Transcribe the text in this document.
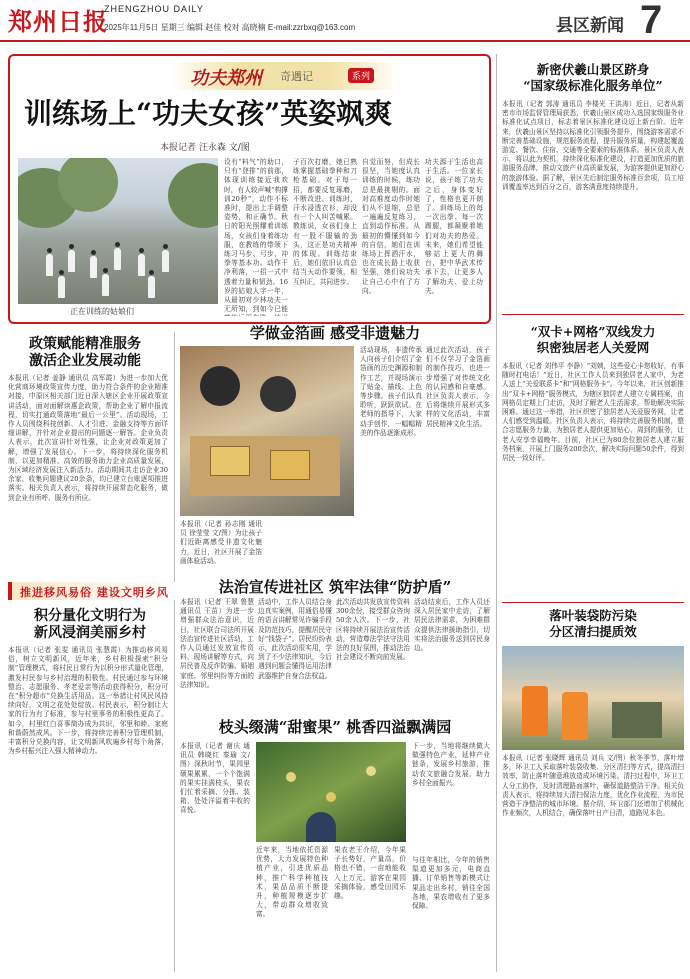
郑州日报
ZHENGZHOU DAILY
2025年11月5日 星期三 编辑 赵佳 校对 高晓楠 E-mail:zzrbxq@163.com	县区新闻 7
功夫郑州 奇遇记	系列
训练场上“功夫女孩”英姿飒爽
本报记者 汪永森 文/图
正在训练的姑娘们
设有“料气”的助口，只有“登排”的前那，体现训练接近我欢时，有人较声喊“构撑训20秒”，动作不标准时，提出上手调整姿势，和正确节。秋日的阳光照耀着训练场，女孩们身着练功服，在教练的带领下练习马步、弓步、冲拳等基本功。动作干净利落，一招一式中透着力量和韧劲。16岁的姑娘人字一年，从最初对少林功夫一无所知，到如今已能
子百次打磨，她已熟练掌握基础拳种和刀枪基础。对于每一招，都要反复琢磨，不断改进。训练时，汗水浸透衣衫，却没有一个人叫苦喊累。教练说，女孩们身上有一股不服输的劲头，这正是功夫精神的体现。训练结束后，她们依旧认真总结当天动作要领，相互纠正，共同进步。
自觉而努，但成长很坚，当她度认真训练的时候，练功总是最挑剔的。面对高难度动作时她们从不退缩，总是一遍遍反复练习，直到动作标准。从最初的懵懂到如今的自信，她们在训练场上挥洒汗水，也在成长路上收获坚强，她们说功夫让自己心中有了方向。
功夫源于生活也高于生活。一位家长说，孩子练了功夫之后，身体变好了，性格也更开朗了。训练场上的每一次出拳、每一次踢腿，都凝聚着她们对功夫的热爱。未来，她们希望能够站上更大的舞台，把中华武术传承下去，让更多人了解功夫、爱上功夫。
政策赋能精准服务
激活企业发展动能
本报讯（记者 姜静 通讯员 高军霞）为进一步加大优化营商环境政策宣传力度，助力符合条件的企业精准对接，中原区相关部门近日深入辖区企业开展政策宣讲活动，面对面解读惠企政策，帮助企业了解申报流程，切实打通政策落地“最后一公里”。活动现场，工作人员围绕科技创新、人才引进、金融支持等方面详细讲解，并针对企业提出的问题逐一解答。企业负责人表示，此次宣讲针对性强，让企业对政策更加了解，增强了发展信心。下一步，将持续深化服务机制，以更加精准、高效的服务助力企业高质量发展，为区域经济发展注入新活力。活动期间共走访企业30余家，收集问题建议20余条，均已建立台账逐项推进落实。相关负责人表示，将持续开展常态化服务，做到企业有所呼、服务有所应。
学做金箔画 感受非遗魅力
本报讯（记者 孙志刚 通讯员 徐莹莹 文/图）为让孩子们近距离感受非遗文化魅力，近日，社区开展了金箔画体验活动。
活动现场，非遗传承人向孩子们介绍了金箔画的历史渊源和制作工艺，并现场演示了贴金、描线、上色等步骤。孩子们认真聆听，跃跃欲试。在老师的指导下，大家动手创作，一幅幅精美的作品逐渐成形。
通过此次活动，孩子们不仅学习了金箔画的制作技巧，也进一步增强了对传统文化的认同感和自豪感。社区负责人表示，今后将继续开展形式多样的文化活动，丰富居民精神文化生活。
法治宣传进社区 筑牢法律“防护盾”
本报讯（记者 王翠 鲁慧 通讯员 王苗）为进一步增强群众法治意识，近日，社区联合司法所开展法治宣传进社区活动，工作人员通过发放宣传资料、现场讲解等方式，向居民普及反诈防骗、婚姻家庭、邻里纠纷等方面的法律知识。
活动中，工作人员结合身边真实案例，用通俗易懂的语言讲解常见诈骗手段及防范技巧，提醒居民守好“钱袋子”。居民纷纷表示，此次活动很实用，学到了不少法律知识，今后遇到问题会懂得运用法律武器维护自身合法权益。
此次活动共发放宣传资料300余份，接受群众咨询50余人次。下一步，社区将持续开展法治宣传活动，营造尊法学法守法用法的良好氛围，推动法治社会建设不断向前发展。
活动结束后，工作人员还深入居民家中走访，了解居民法律需求，为困难群众提供法律援助指引，切实将法治服务送到居民身边。
推进移风易俗 建设文明乡风
积分量化文明行为
新风浸润美丽乡村
本报讯（记者 张雯 通讯员 张慧霞）为推动移风易俗，树立文明新风，近年来，乡村积极探索“积分制”管理模式，将村民日常行为以积分形式量化管理，激发村民参与乡村治理的积极性。村民通过参与环境整治、志愿服务、孝老爱亲等活动获得积分，积分可在“积分超市”兑换生活用品。这一举措让村风民风持续向好，文明之花处处绽放。村民表示，积分制让大家的行为有了标准，参与村里事务的积极性更高了。如今，村里红白喜事简办成为共识，邻里和睦、家庭和谐蔚然成风。下一步，将持续完善积分管理机制，丰富积分兑换内容，让文明新风吹遍乡村每个角落，为乡村振兴注入强大精神动力。
枝头缀满“甜蜜果” 桃香四溢飘满园
本报讯（记者 谢庆 通讯员 韩晓红 秦瑜 文/图）深秋时节，果园里硕果累累，一个个饱满的果实挂满枝头，果农们忙着采摘、分拣、装箱，处处洋溢着丰收的喜悦。
近年来，当地依托资源优势，大力发展特色种植产业，引进优质品种，推广科学种植技术，果品品质不断提升，种植规模逐步扩大，带动群众增收致富。
果农老王介绍，今年果子长势好，产量高，价格也不错，一亩地能收入上万元。游客在果园采摘体验，感受田园乐趣。
下一步，当地将继续做大做强特色产业，延伸产业链条，发展乡村旅游，推动农文旅融合发展，助力乡村全面振兴。
与往年相比，今年的销售渠道更加多元，电商直播、订单销售等新模式让果品走出乡村，销往全国各地，果农增收有了更多保障。
新密伏羲山景区跻身
“国家级标准化服务单位”
本报讯（记者 郭涛 通讯员 李楼光 王洪涛）近日，记者从新密市市场监督管理局获悉，伏羲山景区成功入选国家级服务业标准化试点项目，标志着景区标准化建设迈上新台阶。近年来，伏羲山景区坚持以标准化引领服务提升，围绕游客需求不断完善基础设施，规范服务流程，提升服务质量，构建起覆盖游览、餐饮、住宿、交通等全要素的标准体系。景区负责人表示，将以此为契机，持续深化标准化建设，打造更加优质的旅游服务品牌，推动文旅产业高质量发展，为游客提供更加舒心的旅游体验。据了解，景区先后制定服务标准百余项，员工培训覆盖率达到百分之百，游客满意度持续提升。
“双卡+网格”双线发力
织密独居老人关爱网
本报讯（记者 刘伟平 李静）“刘姨，这些爱心卡您收好，有事随时打电话！”近日，社区工作人员来到独居老人家中，为老人送上“关爱联系卡”和“网格服务卡”。今年以来，社区创新推出“双卡+网格”服务模式，为辖区独居老人建立专属档案，由网格员定期上门走访，及时了解老人生活需求，帮助解决实际困难。通过这一举措，社区织密了独居老人关爱服务网，让老人们感受到温暖。社区负责人表示，将持续完善服务机制，整合志愿服务力量，为独居老人提供更加贴心、周到的服务，让老人安享幸福晚年。目前，社区已为80余位独居老人建立服务档案，开展上门服务200余次，解决实际问题50余件，得到居民一致好评。
落叶装袋防污染
分区清扫提质效
本报讯（记者 张晓辉 通讯员 刘兵 文/图）秋冬季节，落叶增多，环卫工人采取落叶装袋收集、分区清扫等方式，提高清扫效率，防止落叶随意堆放造成环境污染。清扫过程中，环卫工人分工协作，及时清理路面落叶，确保道路整洁干净。相关负责人表示，将持续加大清扫保洁力度，优化作业流程，为市民营造干净整洁的城市环境。据介绍，环卫部门还增加了机械化作业频次，人机结合，确保落叶日产日清，道路见本色。
